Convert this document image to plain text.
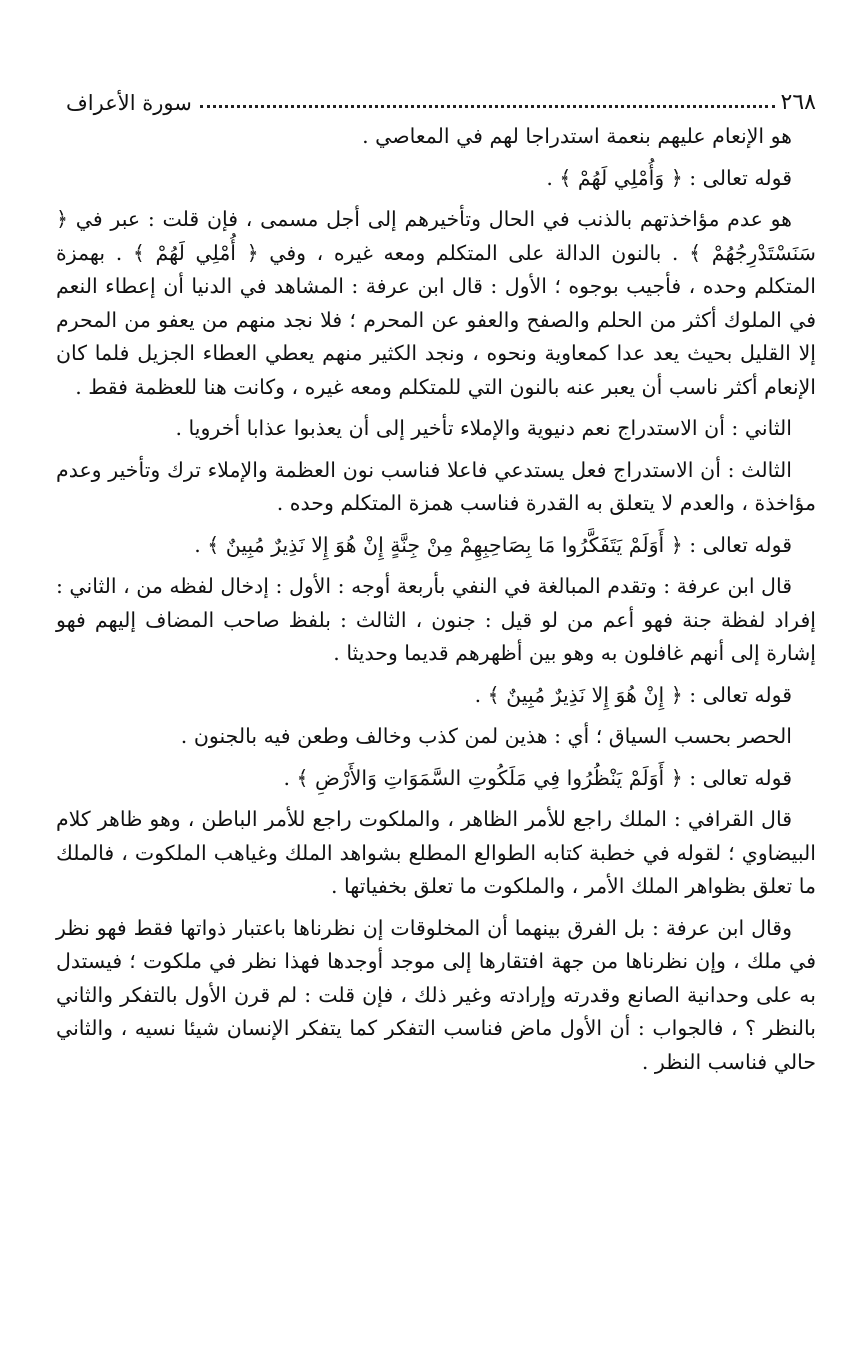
٢٦٨
سورة الأعراف

هو الإنعام عليهم بنعمة استدراجا لهم في المعاصي .

قوله تعالى : ﴿ وَأُمْلِي لَهُمْ ﴾ .

هو عدم مؤاخذتهم بالذنب في الحال وتأخيرهم إلى أجل مسمى ، فإن قلت : عبر في ﴿ سَنَسْتَدْرِجُهُمْ ﴾ . بالنون الدالة على المتكلم ومعه غيره ، وفي ﴿ أُمْلِي لَهُمْ ﴾ . بهمزة المتكلم وحده ، فأجيب بوجوه ؛ الأول : قال ابن عرفة : المشاهد في الدنيا أن إعطاء النعم في الملوك أكثر من الحلم والصفح والعفو عن المحرم ؛ فلا نجد منهم من يعفو من المحرم إلا القليل بحيث يعد عدا كمعاوية ونحوه ، ونجد الكثير منهم يعطي العطاء الجزيل فلما كان الإنعام أكثر ناسب أن يعبر عنه بالنون التي للمتكلم ومعه غيره ، وكانت هنا للعظمة فقط .

الثاني : أن الاستدراج نعم دنيوية والإملاء تأخير إلى أن يعذبوا عذابا أخرويا .

الثالث : أن الاستدراج فعل يستدعي فاعلا فناسب نون العظمة والإملاء ترك وتأخير وعدم مؤاخذة ، والعدم لا يتعلق به القدرة فناسب همزة المتكلم وحده .

قوله تعالى : ﴿ أَوَلَمْ يَتَفَكَّرُوا مَا بِصَاحِبِهِمْ مِنْ جِنَّةٍ إِنْ هُوَ إِلا نَذِيرٌ مُبِينٌ ﴾ .

قال ابن عرفة : وتقدم المبالغة في النفي بأربعة أوجه : الأول : إدخال لفظه من ، الثاني : إفراد لفظة جنة فهو أعم من لو قيل : جنون ، الثالث : بلفظ صاحب المضاف إليهم فهو إشارة إلى أنهم غافلون به وهو بين أظهرهم قديما وحديثا .

قوله تعالى : ﴿ إِنْ هُوَ إِلا نَذِيرٌ مُبِينٌ ﴾ .

الحصر بحسب السياق ؛ أي : هذين لمن كذب وخالف وطعن فيه بالجنون .

قوله تعالى : ﴿ أَوَلَمْ يَنْظُرُوا فِي مَلَكُوتِ السَّمَوَاتِ وَالأَرْضِ ﴾ .

قال القرافي : الملك راجع للأمر الظاهر ، والملكوت راجع للأمر الباطن ، وهو ظاهر كلام البيضاوي ؛ لقوله في خطبة كتابه الطوالع المطلع بشواهد الملك وغياهب الملكوت ، فالملك ما تعلق بظواهر الملك الأمر ، والملكوت ما تعلق بخفياتها .

وقال ابن عرفة : بل الفرق بينهما أن المخلوقات إن نظرناها باعتبار ذواتها فقط فهو نظر في ملك ، وإن نظرناها من جهة افتقارها إلى موجد أوجدها فهذا نظر في ملكوت ؛ فيستدل به على وحدانية الصانع وقدرته وإرادته وغير ذلك ، فإن قلت : لم قرن الأول بالتفكر والثاني بالنظر ؟ ، فالجواب : أن الأول ماض فناسب التفكر كما يتفكر الإنسان شيئا نسيه ، والثاني حالي فناسب النظر .
